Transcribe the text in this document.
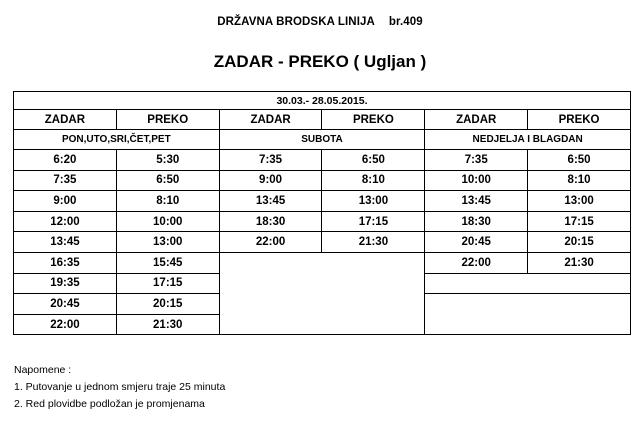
DRŽAVNA BRODSKA LINIJA br.409
ZADAR - PREKO ( Ugljan )
30.03.- 28.05.2015.					
ZADAR	PREKO	ZADAR	PREKO	ZADAR	PREKO
PON,UTO,SRI,ČET,PET		SUBOTA		NEDJELJA I BLAGDAN	
6:20	5:30	7:35	6:50	7:35	6:50
7:35	6:50	9:00	8:10	10:00	8:10
9:00	8:10	13:45	13:00	13:45	13:00
12:00	10:00	18:30	17:15	18:30	17:15
13:45	13:00	22:00	21:30	20:45	20:15
16:35	15:45			22:00	21:30
19:35	17:15				
20:45	20:15				
22:00	21:30				
Napomene :
1. Putovanje u jednom smjeru traje 25 minuta
2. Red plovidbe podložan je promjenama
